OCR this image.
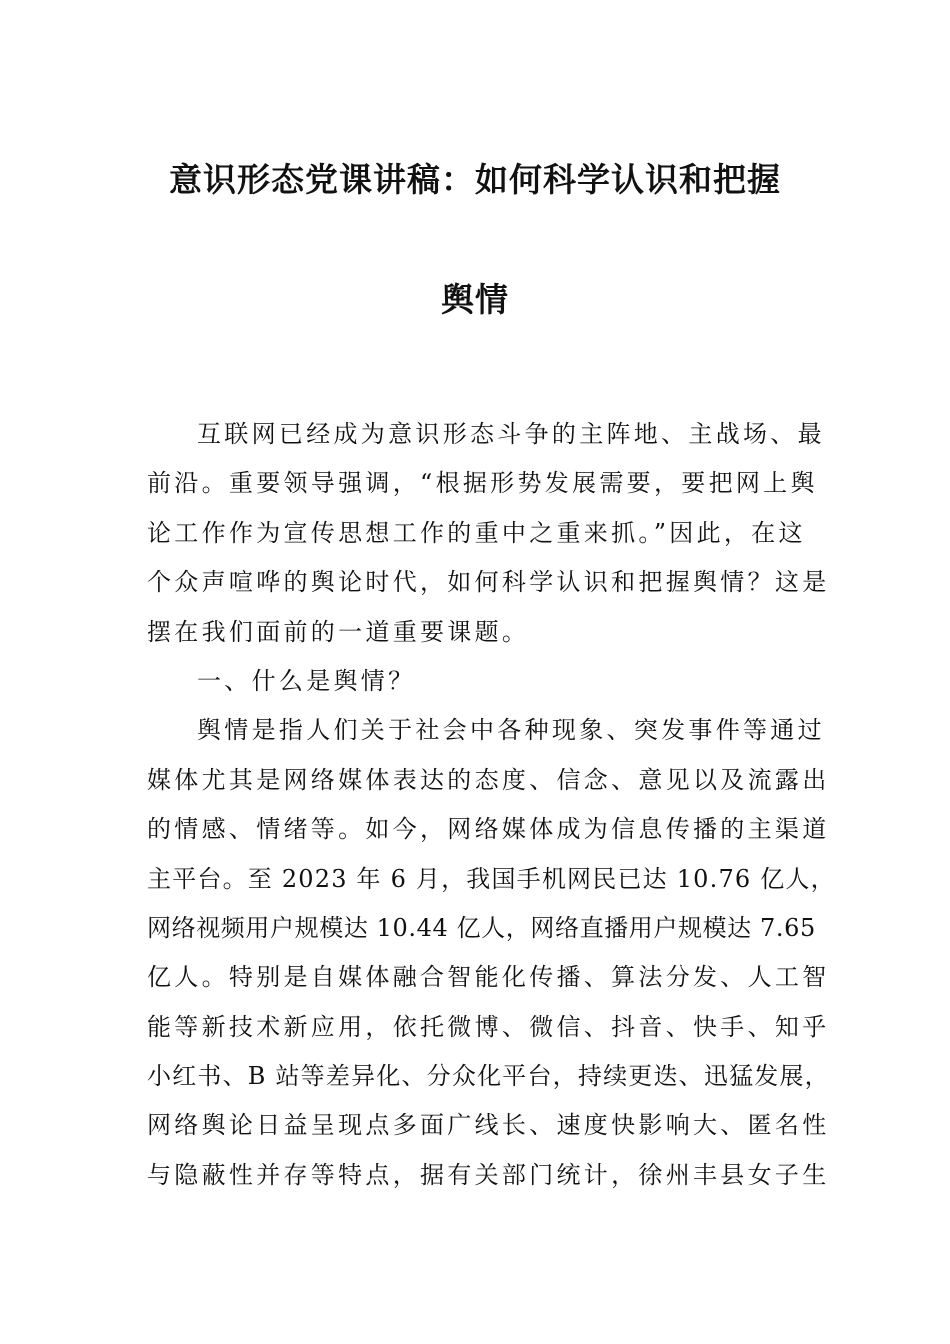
意识形态党课讲稿：如何科学认识和把握
舆情
互联网已经成为意识形态斗争的主阵地、主战场、最
前沿。重要领导强调，“根据形势发展需要，要把网上舆
论工作作为宣传思想工作的重中之重来抓。”因此，在这
个众声喧哗的舆论时代，如何科学认识和把握舆情？这是
摆在我们面前的一道重要课题。
一、什么是舆情？
舆情是指人们关于社会中各种现象、突发事件等通过
媒体尤其是网络媒体表达的态度、信念、意见以及流露出
的情感、情绪等。如今，网络媒体成为信息传播的主渠道
主平台。至 2023 年 6 月，我国手机网民已达 10.76 亿人，
网络视频用户规模达 10.44 亿人，网络直播用户规模达 7.65
亿人。特别是自媒体融合智能化传播、算法分发、人工智
能等新技术新应用，依托微博、微信、抖音、快手、知乎
小红书、B 站等差异化、分众化平台，持续更迭、迅猛发展，
网络舆论日益呈现点多面广线长、速度快影响大、匿名性
与隐蔽性并存等特点，据有关部门统计，徐州丰县女子生
